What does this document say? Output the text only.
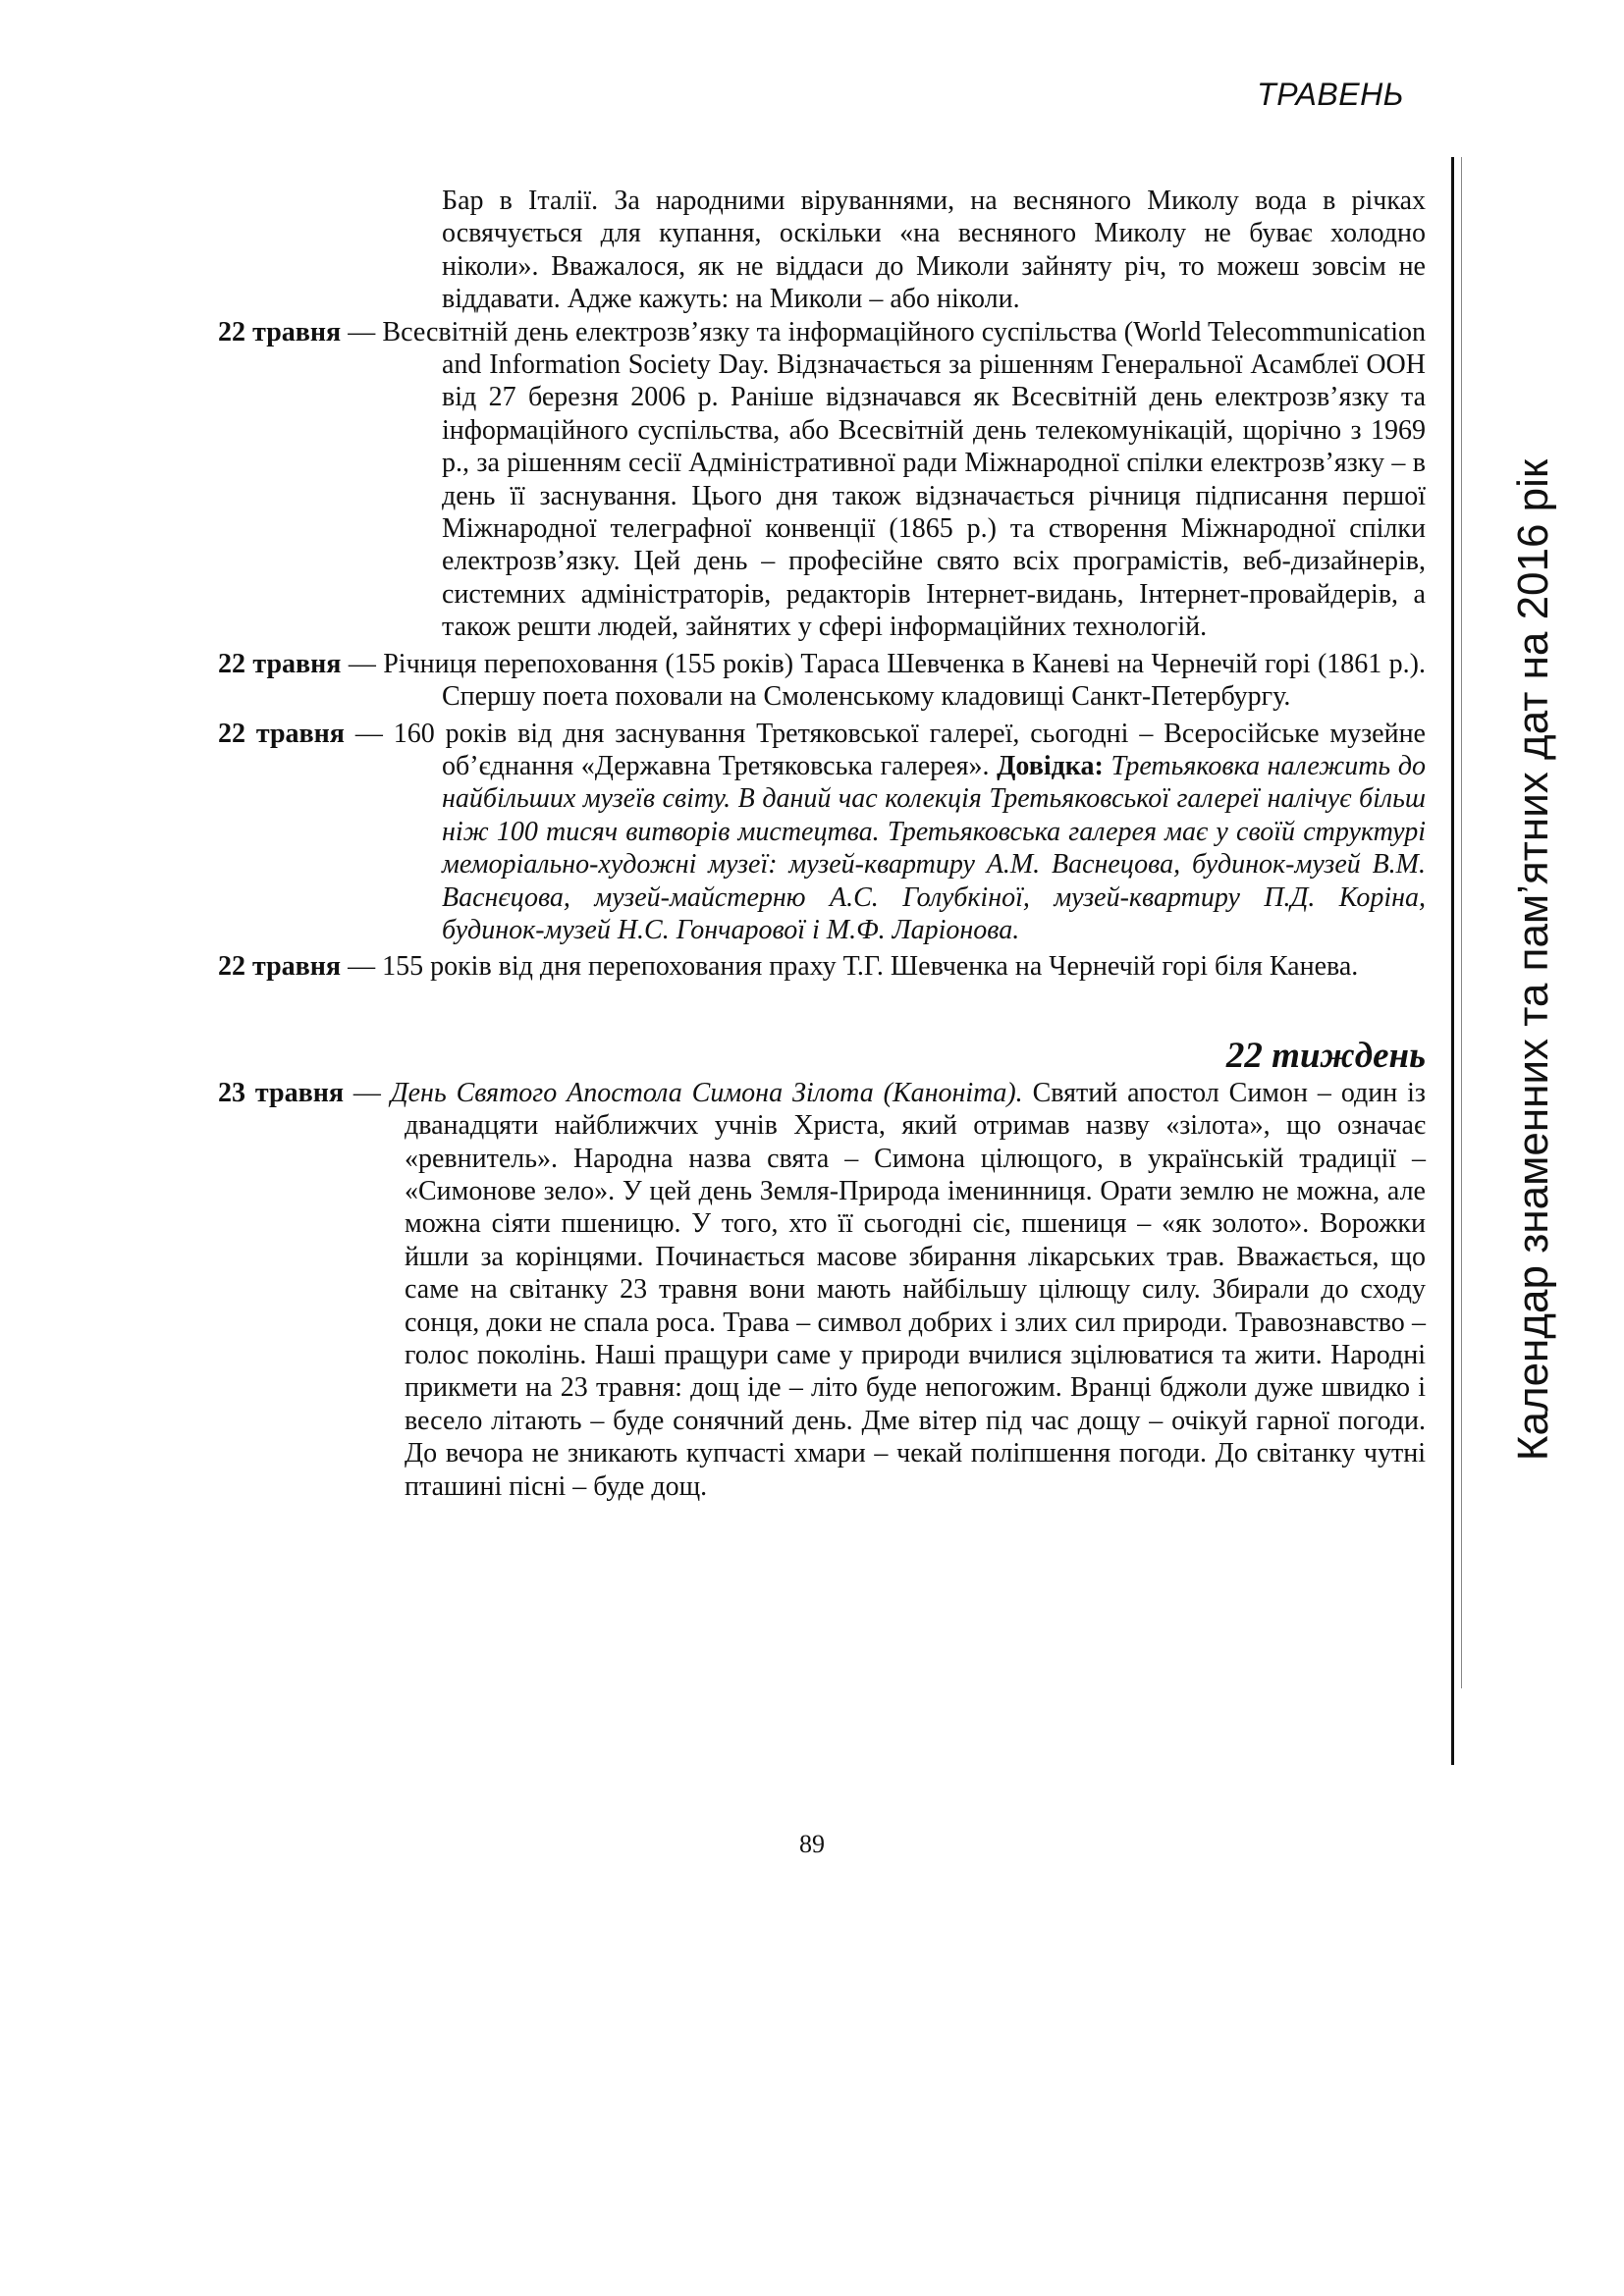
ТРАВЕНЬ
Календар знаменних та пам’ятних дат на 2016 рік

Бар в Італії. За народними віруваннями, на весняного Миколу вода в річках освячується для купання, оскільки «на весняного Миколу не буває холодно ніколи». Вважалося, як не віддаси до Миколи зайняту річ, то можеш зовсім не віддавати. Адже кажуть: на Миколи – або ніколи.

22 травня — Всесвітній день електрозв’язку та інформаційного суспільства (World Telecommunication and Information Society Day. Відзначається за рішенням Генеральної Асамблеї ООН від 27 березня 2006 р. Раніше відзначався як Всесвітній день електрозв’язку та інформаційного суспільства, або Всесвітній день телекомунікацій, щорічно з 1969 р., за рішенням сесії Адміністративної ради Міжнародної спілки електрозв’язку – в день її заснування. Цього дня також відзначається річниця підписання першої Міжнародної телеграфної конвенції (1865 р.) та створення Міжнародної спілки електрозв’язку. Цей день – професійне свято всіх програмістів, веб-дизайнерів, системних адміністраторів, редакторів Інтернет-видань, Інтернет-провайдерів, а також решти людей, зайнятих у сфері інформаційних технологій.

22 травня — Річниця перепоховання (155 років) Тараса Шевченка в Каневі на Чернечій горі (1861 р.). Спершу поета поховали на Смоленському кладовищі Санкт-Петербургу.

22 травня — 160 років від дня заснування Третяковської галереї, сьогодні – Всеросійське музейне об’єднання «Державна Третяковська галерея». Довідка: Третьяковка належить до найбільших музеїв світу. В даний час колекція Третьяковської галереї налічує більш ніж 100 тисяч витворів мистецтва. Третьяковська галерея має у своїй структурі меморіально-художні музеї: музей-квартиру А.М. Васнецова, будинок-музей В.М. Васнєцова, музей-майстерню А.С. Голубкіної, музей-квартиру П.Д. Коріна, будинок-музей Н.С. Гончарової і М.Ф. Ларіонова.

22 травня — 155 років від дня перепохования праху Т.Г. Шевченка на Чернечій горі біля Канева.

22 тиждень

23 травня — День Святого Апостола Симона Зілота (Канонітa). Святий апостол Симон – один із дванадцяти найближчих учнів Христа, який отримав назву «зілота», що означає «ревнитель». Народна назва свята – Симона цілющого, в українській традиції – «Симонове зело». У цей день Земля-Природа іменинниця. Орати землю не можна, але можна сіяти пшеницю. У того, хто її сьогодні сіє, пшениця – «як золото». Ворожки йшли за корінцями. Починається масове збирання лікарських трав. Вважається, що саме на світанку 23 травня вони мають найбільшу цілющу силу. Збирали до сходу сонця, доки не спала роса. Трава – символ добрих і злих сил природи. Травознавство – голос поколінь. Наші пращури саме у природи вчилися зцілюватися та жити. Народні прикмети на 23 травня: дощ іде – літо буде непогожим. Вранці бджоли дуже швидко і весело літають – буде сонячний день. Дме вітер під час дощу – очікуй гарної погоди. До вечора не зникають купчасті хмари – чекай поліпшення погоди. До світанку чутні пташині пісні – буде дощ.

89
